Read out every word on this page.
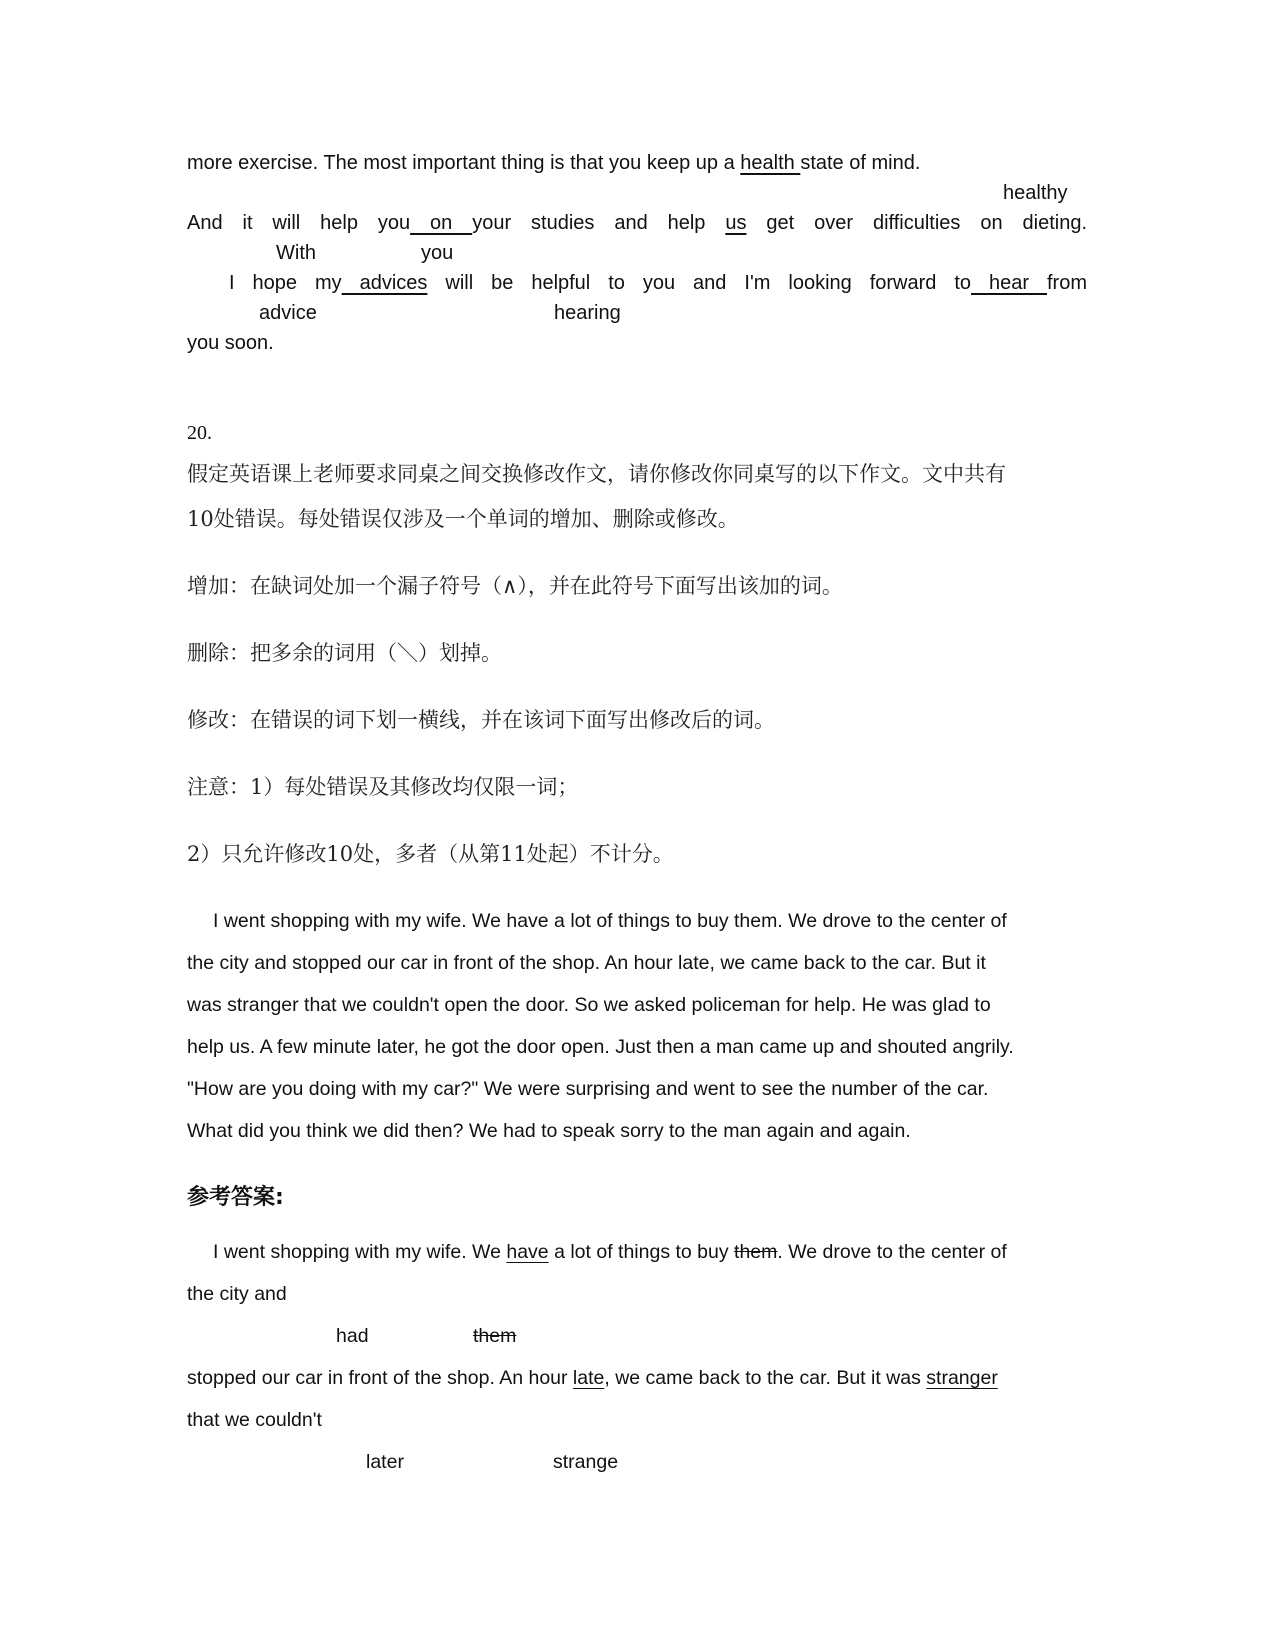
more exercise. The most important thing is that you keep up a health state of mind.
healthy
And it will help you on your studies and help us get over difficulties on dieting.
With	you
I hope my advices will be helpful to you and I'm looking forward to hear from
advice	hearing
you soon.
20.
假定英语课上老师要求同桌之间交换修改作文，请你修改你同桌写的以下作文。文中共有
10处错误。每处错误仅涉及一个单词的增加、删除或修改。
增加：在缺词处加一个漏子符号（∧），并在此符号下面写出该加的词。
删除：把多余的词用（＼）划掉。
修改：在错误的词下划一横线，并在该词下面写出修改后的词。
注意：1）每处错误及其修改均仅限一词；
2）只允许修改10处，多者（从第11处起）不计分。
I went shopping with my wife. We have a lot of things to buy them. We drove to the center of
the city and stopped our car in front of the shop. An hour late, we came back to the car. But it
was stranger that we couldn't open the door. So we asked policeman for help. He was glad to
help us. A few minute later, he got the door open. Just then a man came up and shouted angrily.
"How are you doing with my car?" We were surprising and went to see the number of the car.
What did you think we did then? We had to speak sorry to the man again and again.
参考答案:
I went shopping with my wife. We have a lot of things to buy them. We drove to the center of
the city and
had	them
stopped our car in front of the shop. An hour late, we came back to the car. But it was stranger
that we couldn't
later	strange
